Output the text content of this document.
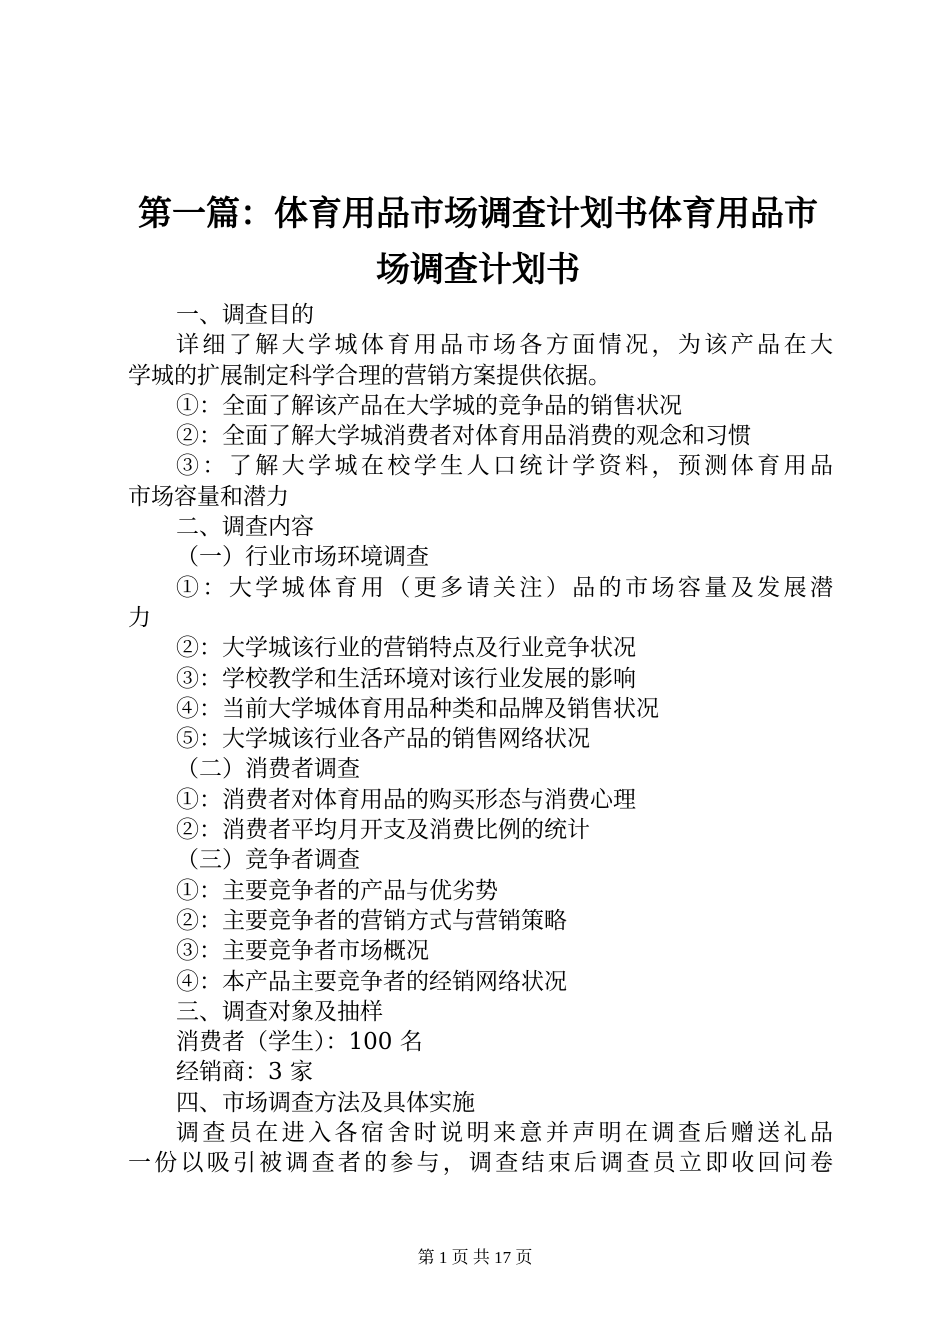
第一篇：体育用品市场调查计划书体育用品市
场调查计划书
一、调查目的
详细了解大学城体育用品市场各方面情况，为该产品在大
学城的扩展制定科学合理的营销方案提供依据。
①：全面了解该产品在大学城的竞争品的销售状况
②：全面了解大学城消费者对体育用品消费的观念和习惯
③：了解大学城在校学生人口统计学资料，预测体育用品
市场容量和潜力
二、调查内容
（一）行业市场环境调查
①：大学城体育用（更多请关注）品的市场容量及发展潜
力
②：大学城该行业的营销特点及行业竞争状况
③：学校教学和生活环境对该行业发展的影响
④：当前大学城体育用品种类和品牌及销售状况
⑤：大学城该行业各产品的销售网络状况
（二）消费者调查
①：消费者对体育用品的购买形态与消费心理
②：消费者平均月开支及消费比例的统计
（三）竞争者调查
①：主要竞争者的产品与优劣势
②：主要竞争者的营销方式与营销策略
③：主要竞争者市场概况
④：本产品主要竞争者的经销网络状况
三、调查对象及抽样
消费者（学生）：100 名
经销商：3 家
四、市场调查方法及具体实施
调查员在进入各宿舍时说明来意并声明在调查后赠送礼品
一份以吸引被调查者的参与，调查结束后调查员立即收回问卷
第 1 页 共 17 页
